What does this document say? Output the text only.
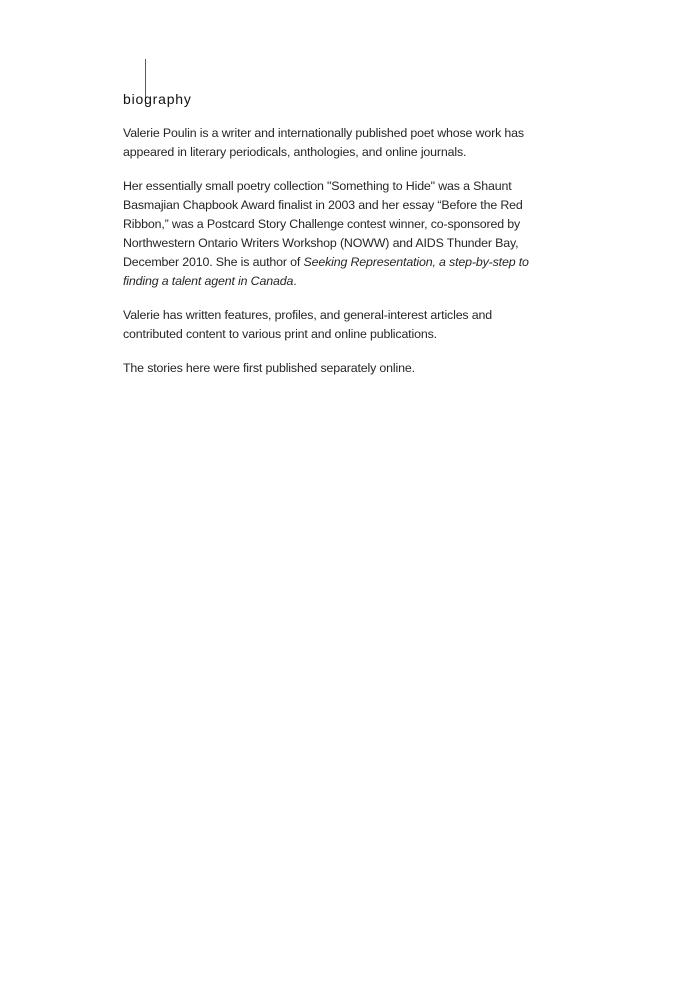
biography

Valerie Poulin is a writer and internationally published poet whose work has appeared in literary periodicals, anthologies, and online journals.

Her essentially small poetry collection "Something to Hide" was a Shaunt Basmajian Chapbook Award finalist in 2003 and her essay “Before the Red Ribbon,” was a Postcard Story Challenge contest winner, co-sponsored by Northwestern Ontario Writers Workshop (NOWW) and AIDS Thunder Bay, December 2010. She is author of Seeking Representation, a step-by-step to finding a talent agent in Canada.

Valerie has written features, profiles, and general-interest articles and contributed content to various print and online publications.

The stories here were first published separately online.
